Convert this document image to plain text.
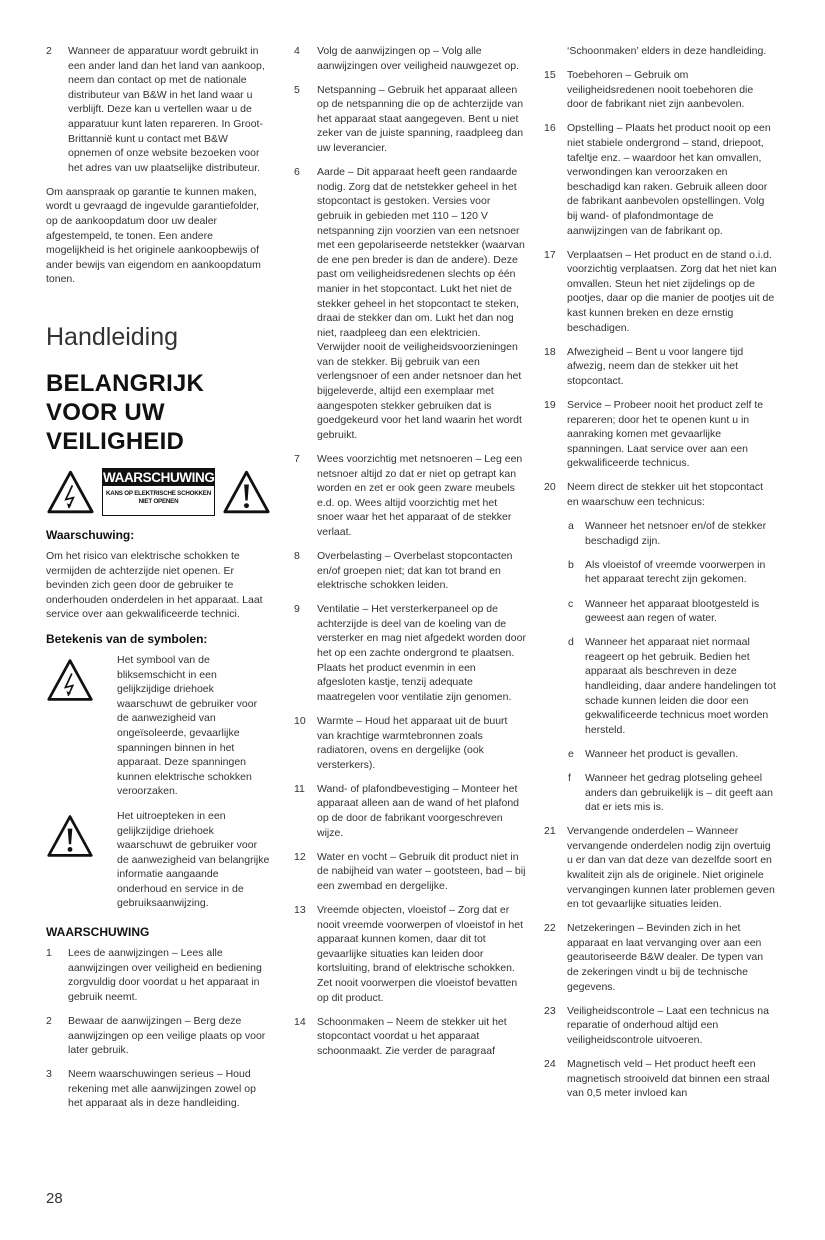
2	Wanneer de apparatuur wordt gebruikt in een ander land dan het land van aankoop, neem dan contact op met de nationale distributeur van B&W in het land waar u verblijft. Deze kan u vertellen waar u de apparatuur kunt laten repareren. In Groot-Brittannië kunt u contact met B&W opnemen of onze website bezoeken voor het adres van uw plaatselijke distributeur.

Om aanspraak op garantie te kunnen maken, wordt u gevraagd de ingevulde garantiefolder, op de aankoopdatum door uw dealer afgestempeld, te tonen. Een andere mogelijkheid is het originele aankoopbewijs of ander bewijs van eigendom en aankoopdatum tonen.

Handleiding
BELANGRIJK VOOR UW VEILIGHEID
WAARSCHUWING
KANS OP ELEKTRISCHE SCHOKKEN
NIET OPENEN
Waarschuwing:

Om het risico van elektrische schokken te vermijden de achterzijde niet openen. Er bevinden zich geen door de gebruiker te onderhouden onderdelen in het apparaat. Laat service over aan gekwalificeerde technici.

Betekenis van de symbolen:
Het symbool van de bliksemschicht in een gelijkzijdige driehoek waarschuwt de gebruiker voor de aanwezigheid van ongeïsoleerde, gevaarlijke spanningen binnen in het apparaat. Deze spanningen kunnen elektrische schokken veroorzaken.
Het uitroepteken in een gelijkzijdige driehoek waarschuwt de gebruiker voor de aanwezigheid van belangrijke informatie aangaande onderhoud en service in de gebruiksaanwijzing.
WAARSCHUWING
1	Lees de aanwijzingen – Lees alle aanwijzingen over veiligheid en bediening zorgvuldig door voordat u het apparaat in gebruik neemt.
2	Bewaar de aanwijzingen – Berg deze aanwijzingen op een veilige plaats op voor later gebruik.
3	Neem waarschuwingen serieus – Houd rekening met alle aanwijzingen zowel op het apparaat als in deze handleiding.
4	Volg de aanwijzingen op – Volg alle aanwijzingen over veiligheid nauwgezet op.
5	Netspanning – Gebruik het apparaat alleen op de netspanning die op de achterzijde van het apparaat staat aangegeven. Bent u niet zeker van de juiste spanning, raadpleeg dan uw leverancier.
6	Aarde – Dit apparaat heeft geen randaarde nodig. Zorg dat de netstekker geheel in het stopcontact is gestoken. Versies voor gebruik in gebieden met 110 – 120 V netspanning zijn voorzien van een netsnoer met een gepolariseerde netstekker (waarvan de ene pen breder is dan de andere). Deze past om veiligheidsredenen slechts op één manier in het stopcontact. Lukt het niet de stekker geheel in het stopcontact te steken, draai de stekker dan om. Lukt het dan nog niet, raadpleeg dan een elektricien. Verwijder nooit de veiligheidsvoorzieningen van de stekker. Bij gebruik van een verlengsnoer of een ander netsnoer dan het bijgeleverde, altijd een exemplaar met aangespoten stekker gebruiken dat is goedgekeurd voor het land waarin het wordt gebruikt.
7	Wees voorzichtig met netsnoeren – Leg een netsnoer altijd zo dat er niet op getrapt kan worden en zet er ook geen zware meubels e.d. op. Wees altijd voorzichtig met het snoer waar het het apparaat of de stekker verlaat.
8	Overbelasting – Overbelast stopcontacten en/of groepen niet; dat kan tot brand en elektrische schokken leiden.
9	Ventilatie – Het versterkerpaneel op de achterzijde is deel van de koeling van de versterker en mag niet afgedekt worden door het op een zachte ondergrond te plaatsen. Plaats het product evenmin in een afgesloten kastje, tenzij adequate maatregelen voor ventilatie zijn genomen.
10	Warmte – Houd het apparaat uit de buurt van krachtige warmtebronnen zoals radiatoren, ovens en dergelijke (ook versterkers).
11	Wand- of plafondbevestiging – Monteer het apparaat alleen aan de wand of het plafond op de door de fabrikant voorgeschreven wijze.
12	Water en vocht – Gebruik dit product niet in de nabijheid van water – gootsteen, bad – bij een zwembad en dergelijke.
13	Vreemde objecten, vloeistof – Zorg dat er nooit vreemde voorwerpen of vloeistof in het apparaat kunnen komen, daar dit tot gevaarlijke situaties kan leiden door kortsluiting, brand of elektrische schokken. Zet nooit voorwerpen die vloeistof bevatten op dit product.
14	Schoonmaken – Neem de stekker uit het stopcontact voordat u het apparaat schoonmaakt. Zie verder de paragraaf
‘Schoonmaken’ elders in deze handleiding.
15	Toebehoren – Gebruik om veiligheidsredenen nooit toebehoren die door de fabrikant niet zijn aanbevolen.
16	Opstelling – Plaats het product nooit op een niet stabiele ondergrond – stand, driepoot, tafeltje enz. – waardoor het kan omvallen, verwondingen kan veroorzaken en beschadigd kan raken. Gebruik alleen door de fabrikant aanbevolen opstellingen. Volg bij wand- of plafondmontage de aanwijzingen van de fabrikant op.
17	Verplaatsen – Het product en de stand o.i.d. voorzichtig verplaatsen. Zorg dat het niet kan omvallen. Steun het niet zijdelings op de pootjes, daar op die manier de pootjes uit de kast kunnen breken en deze ernstig beschadigen.
18	Afwezigheid – Bent u voor langere tijd afwezig, neem dan de stekker uit het stopcontact.
19	Service – Probeer nooit het product zelf te repareren; door het te openen kunt u in aanraking komen met gevaarlijke spanningen. Laat service over aan een gekwalificeerde technicus.
20	Neem direct de stekker uit het stopcontact en waarschuw een technicus:
a	Wanneer het netsnoer en/of de stekker beschadigd zijn.
b	Als vloeistof of vreemde voorwerpen in het apparaat terecht zijn gekomen.
c	Wanneer het apparaat blootgesteld is geweest aan regen of water.
d	Wanneer het apparaat niet normaal reageert op het gebruik. Bedien het apparaat als beschreven in deze handleiding, daar andere handelingen tot schade kunnen leiden die door een gekwalificeerde technicus moet worden hersteld.
e	Wanneer het product is gevallen.
f	Wanneer het gedrag plotseling geheel anders dan gebruikelijk is – dit geeft aan dat er iets mis is.
21	Vervangende onderdelen – Wanneer vervangende onderdelen nodig zijn overtuig u er dan van dat deze van dezelfde soort en kwaliteit zijn als de originele. Niet originele vervangingen kunnen later problemen geven en tot gevaarlijke situaties leiden.
22	Netzekeringen – Bevinden zich in het apparaat en laat vervanging over aan een geautoriseerde B&W dealer. De typen van de zekeringen vindt u bij de technische gegevens.
23	Veiligheidscontrole – Laat een technicus na reparatie of onderhoud altijd een veiligheidscontrole uitvoeren.
24	Magnetisch veld – Het product heeft een magnetisch strooiveld dat binnen een straal van 0,5 meter invloed kan
28
